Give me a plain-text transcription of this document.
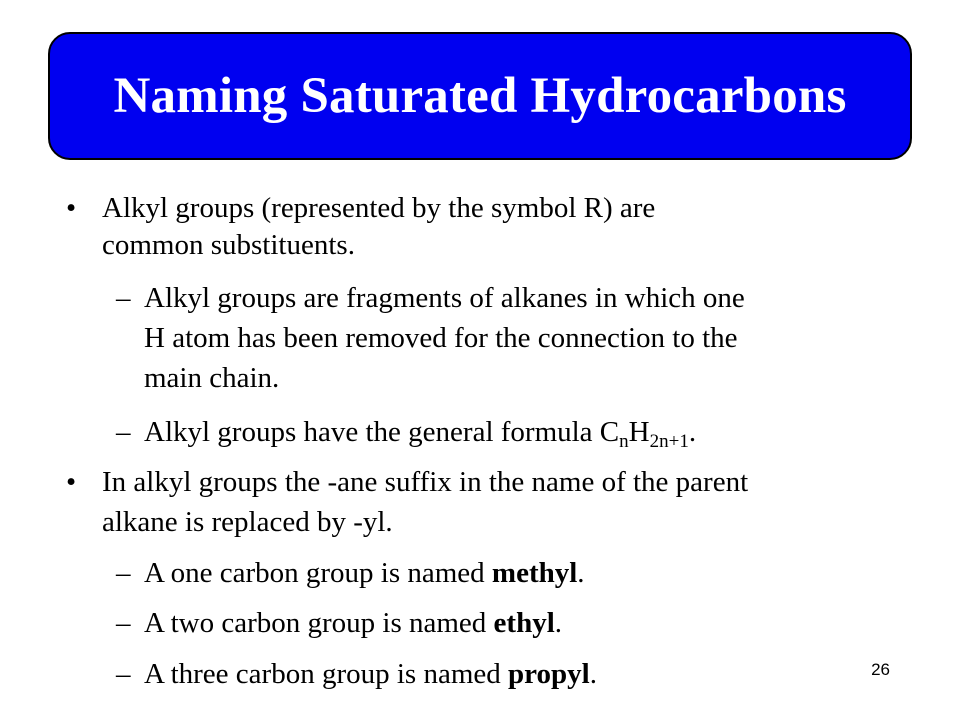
Naming Saturated Hydrocarbons
• Alkyl groups (represented by the symbol R) are
common substituents.
– Alkyl groups are fragments of alkanes in which one
H atom has been removed for the connection to the
main chain.
– Alkyl groups have the general formula $C_nH_{2n+1}$.
• In alkyl groups the -ane suffix in the name of the parent
alkane is replaced by -yl.
– A one carbon group is named methyl.
– A two carbon group is named ethyl.
– A three carbon group is named propyl.	26
